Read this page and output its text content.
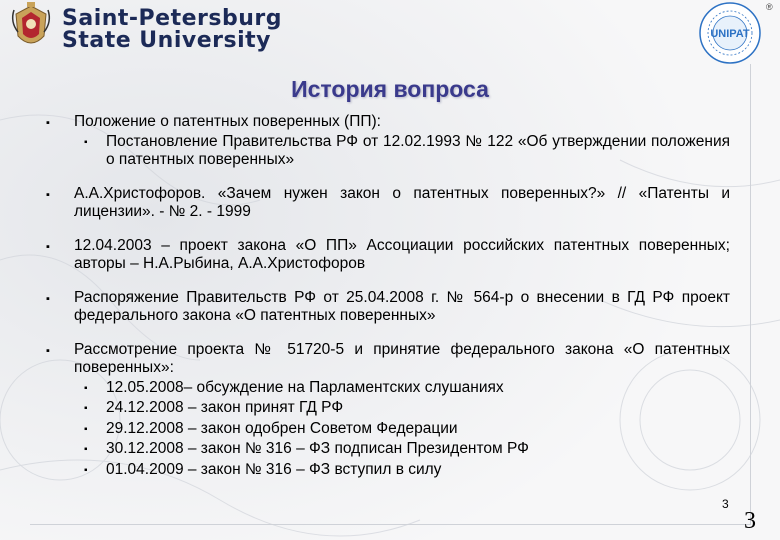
Saint-Petersburg
State University	UNIPAT
®
История вопроса
▪	Положение о патентных поверенных (ПП):
▪ Постановление Правительства РФ от 12.02.1993 № 122 «Об утверждении положения о патентных поверенных»
▪	А.А.Христофоров. «Зачем нужен закон о патентных поверенных?» // «Патенты и лицензии». - № 2. - 1999
▪	12.04.2003 – проект закона «О ПП» Ассоциации российских патентных поверенных; авторы – Н.А.Рыбина, А.А.Христофоров
▪	Распоряжение Правительств РФ от 25.04.2008 г. № 564-р о внесении в ГД РФ проект федерального закона «О патентных поверенных»
▪	Рассмотрение проекта № 51720-5 и принятие федерального закона «О патентных поверенных»:
▪ 12.05.2008– обсуждение на Парламентских слушаниях
▪ 24.12.2008 – закон принят ГД РФ
▪ 29.12.2008 – закон одобрен Советом Федерации
▪ 30.12.2008 – закон № 316 – ФЗ подписан Президентом РФ
▪ 01.04.2009 – закон № 316 – ФЗ вступил в силу
3
3
